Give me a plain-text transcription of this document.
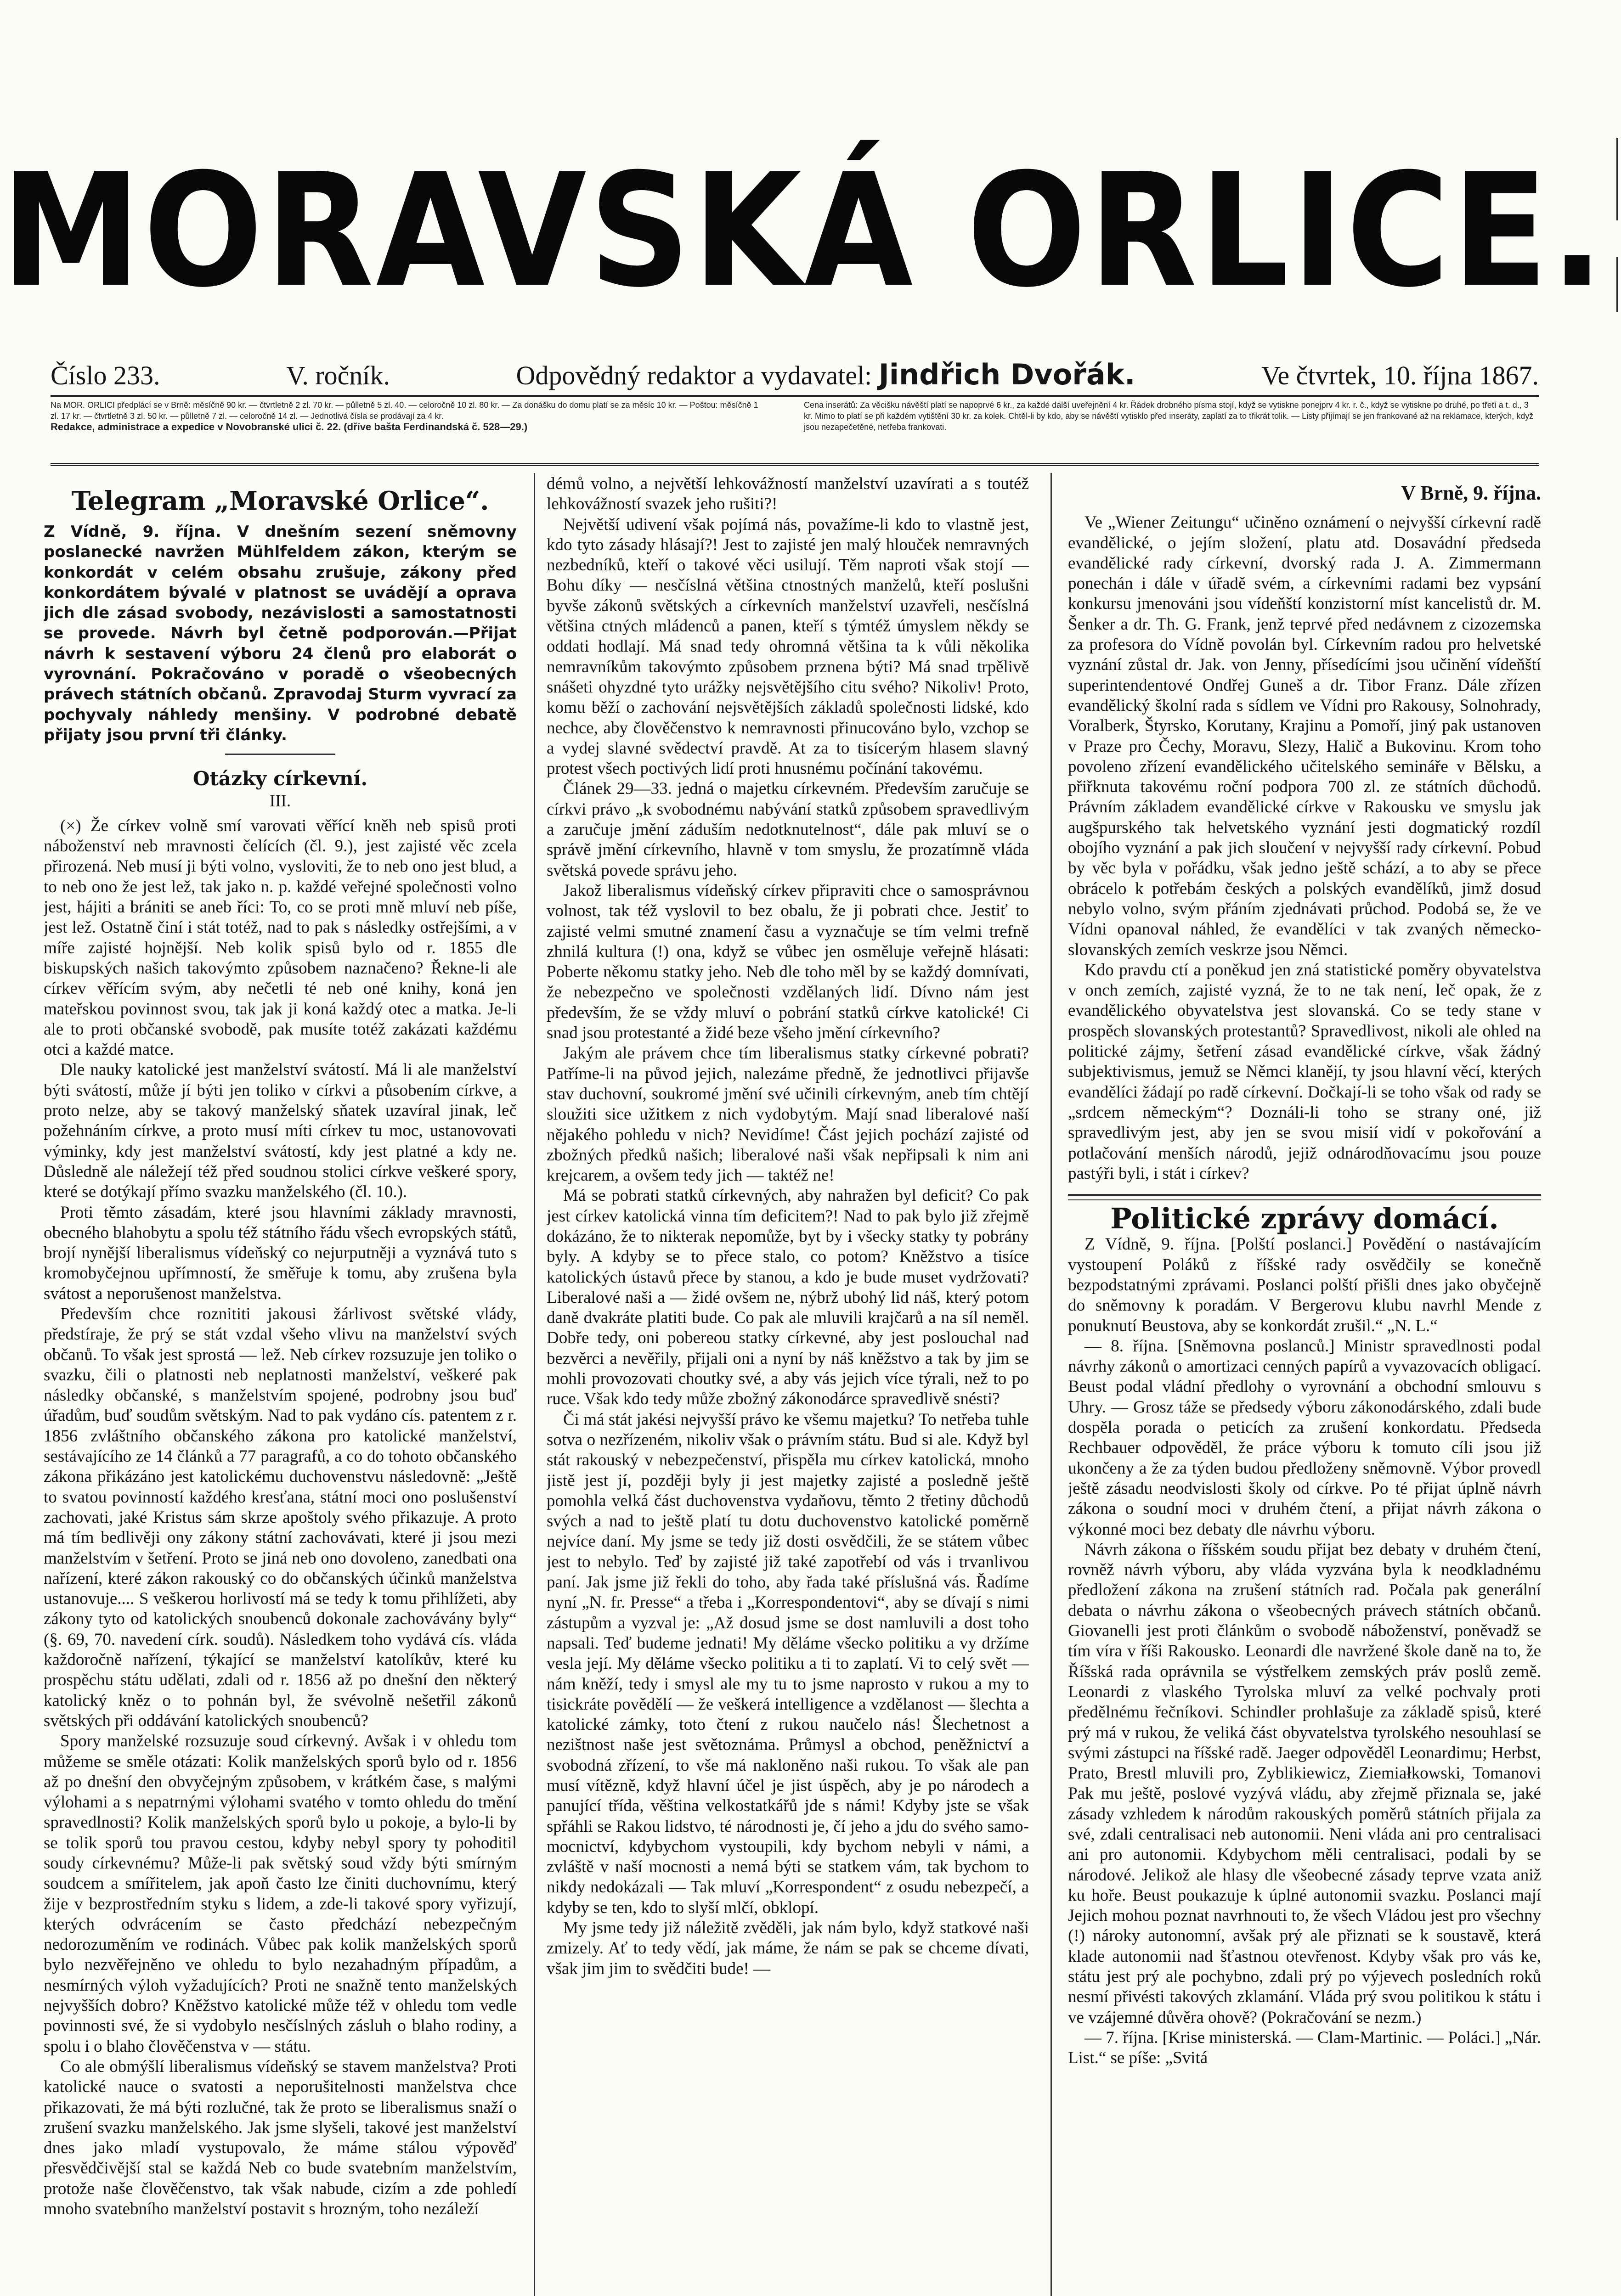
MORAVSKÁ ORLICE.
Číslo 233.	V. ročník.	Odpovědný redaktor a vydavatel: Jindřich Dvořák.	Ve čtvrtek, 10. října 1867.
Na MOR. ORLICI předplácí se v Brně: měsíčně 90 kr. — čtvrtletně 2 zl. 70 kr. — půlletně 5 zl. 40. — celoročně 10 zl. 80 kr. — Za donášku do domu platí se za měsíc 10 kr. — Poštou: měsíčně 1 zl. 17 kr. — čtvrtletně 3 zl. 50 kr. — půlletně 7 zl. — celoročně 14 zl. — Jednotlivá čísla se prodávají za 4 kr.
Redakce, administrace a expedice v Novobranské ulici č. 22. (dříve bašta Ferdinandská č. 528—29.)
Cena inserátů: Za věcišku návěští platí se napoprvé 6 kr., za každé další uveřejnění 4 kr. Řádek drobného písma stojí, když se vytiskne ponejprv 4 kr. r. č., když se vytiskne po druhé, po třetí a t. d., 3 kr. Mimo to platí se při každém vytištění 30 kr. za kolek. Chtěl-li by kdo, aby se návěští vytisklo před inseráty, zaplatí za to třikrát tolik. — Listy přijímají se jen frankované až na reklamace, kterých, když jsou nezapečetěné, netřeba frankovati.
Telegram „Moravské Orlice“.

Z Vídně, 9. října. V dnešním sezení sněmovny poslanecké navržen Mühlfeldem zákon, kterým se konkordát v celém obsahu zrušuje, zákony před konkordátem bývalé v platnost se uvádějí a oprava jich dle zásad svobody, nezávislosti a samostatnosti se provede. Návrh byl četně podporován.—Přijat návrh k sestavení výboru 24 členů pro elaborát o vyrovnání. Pokračováno v poradě o všeobecných právech státních občanů. Zpravodaj Sturm vyvrací za pochyvaly náhledy menšiny. V podrobné debatě přijaty jsou první tři články.

Otázky církevní.
III.

(×) Že církev volně smí varovati věřící kněh neb spisů proti náboženství neb mravnosti čelících (čl. 9.), jest zajisté věc zcela přirozená. Neb musí ji býti volno, vysloviti, že to neb ono jest blud, a to neb ono že jest lež, tak jako n. p. každé veřejné společnosti volno jest, hájiti a brániti se aneb říci: To, co se proti mně mluví neb píše, jest lež. Ostatně činí i stát totéž, nad to pak s následky ostřejšími, a v míře zajisté hojnější. Neb kolik spisů bylo od r. 1855 dle biskupských našich takovýmto způsobem naznačeno? Řekne-li ale církev věřícím svým, aby nečetli té neb oné knihy, koná jen mateřskou povinnost svou, tak jak ji koná každý otec a matka. Je-li ale to proti občanské svobodě, pak musíte totéž zakázati každému otci a každé matce.

Dle nauky katolické jest manželství svátostí. Má li ale manželství býti svátostí, může jí býti jen toliko v církvi a působením církve, a proto nelze, aby se takový manželský sňatek uzavíral jinak, leč požehnáním církve, a proto musí míti církev tu moc, ustanovovati výminky, kdy jest manželství svátostí, kdy jest platné a kdy ne. Důsledně ale náležejí též před soudnou stolici církve veškeré spory, které se dotýkají přímo svazku manželského (čl. 10.).

Proti těmto zásadám, které jsou hlavními základy mravnosti, obecného blahobytu a spolu též státního řádu všech evropských států, brojí nynější liberalismus vídeňský co nejurputněji a vyznává tuto s kromobyčejnou upřímností, že směřuje k tomu, aby zrušena byla svátost a neporušenost manželstva.

Především chce roznititi jakousi žárlivost světské vlády, předstíraje, že prý se stát vzdal všeho vlivu na manželství svých občanů. To však jest sprostá — lež. Neb církev rozsuzuje jen toliko o svazku, čili o platnosti neb neplatnosti manželství, veškeré pak následky občanské, s manželstvím spojené, podrobny jsou buď úřadům, buď soudům světským. Nad to pak vydáno cís. patentem z r. 1856 zvláštního občanského zákona pro katolické manželství, sestávajícího ze 14 článků a 77 paragrafů, a co do tohoto občanského zákona přikázáno jest katolickému duchovenstvu následovně: „Ještě to svatou povinností každého kresťana, státní moci ono poslušenství zachovati, jaké Kristus sám skrze apoštoly svého přikazuje. A proto má tím bedlivěji ony zákony státní zachovávati, které ji jsou mezi manželstvím v šetření. Proto se jiná neb ono dovoleno, zanedbati ona nařízení, které zákon rakouský co do občanských účinků manželstva ustanovuje.... S veškerou horlivostí má se tedy k tomu přihlížeti, aby zákony tyto od katolických snoubenců dokonale zachovávány byly“ (§. 69, 70. navedení círk. soudů). Následkem toho vydává cís. vláda každoročně nařízení, týkající se manželství katolíkův, které ku prospěchu státu udělati, zdali od r. 1856 až po dnešní den některý katolický kněz o to pohnán byl, že svévolně nešetřil zákonů světských při oddávání katolických snoubenců?

Spory manželské rozsuzuje soud církevný. Avšak i v ohledu tom můžeme se směle otázati: Kolik manželských sporů bylo od r. 1856 až po dnešní den obvyčejným způsobem, v krátkém čase, s malými výlohami a s nepatrnými výlohami svatého v tomto ohledu do tmění spravedlnosti? Kolik manželských sporů bylo u pokoje, a bylo-li by se tolik sporů tou pravou cestou, kdyby nebyl spory ty pohoditil soudy církevnému? Může-li pak světský soud vždy býti smírným soudcem a smířitelem, jak apoň často lze činiti duchovnímu, který žije v bezprostředním styku s lidem, a zde-li takové spory vyřizují, kterých odvrácením se často předchází nebezpečným nedorozuměním ve rodinách. Vůbec pak kolik manželských sporů bylo nezvěřejněno ve ohledu to bylo nezahadným případům, a nesmírných výloh vyžadujících? Proti ne snažně tento manželských nejvyšších dobro? Kněžstvo katolické může též v ohledu tom vedle povinnosti své, že si vydobylo nesčíslných zásluh o blaho rodiny, a spolu i o blaho člověčenstva v — státu.

Co ale obmýšlí liberalismus vídeňský se stavem manželstva? Proti katolické nauce o svatosti a neporušitelnosti manželstva chce přikazovati, že má býti rozlučné, tak že proto se liberalismus snaží o zrušení svazku manželského. Jak jsme slyšeli, takové jest manželství dnes jako mladí vystupovalo, že máme stálou výpověď přesvědčivější stal se každá Neb co bude svatebním manželstvím, protože naše člověčenstvo, tak však nabude, cizím a zde pohledí mnoho svatebního manželství postavit s hrozným, toho nezáleží

démů volno, a největší lehkovážností manželství uzavírati a s toutéž lehkovážností svazek jeho rušiti?!

Největší udivení však pojímá nás, považíme-li kdo to vlastně jest, kdo tyto zásady hlásají?! Jest to zajisté jen malý hlouček nemravných nezbedníků, kteří o takové věci usilují. Těm naproti však stojí — Bohu díky — nesčíslná většina ctnostných manželů, kteří poslušni byvše zákonů světských a církevních manželství uzavřeli, nesčíslná většina ctných mládenců a panen, kteří s týmtéž úmyslem někdy se oddati hodlají. Má snad tedy ohromná většina ta k vůli několika nemravníkům takovýmto způsobem prznena býti? Má snad trpělivě snášeti ohyzdné tyto urážky nejsvětějšího citu svého? Nikoliv! Proto, komu běží o zachování nejsvětějších základů společnosti lidské, kdo nechce, aby člověčenstvo k nemravnosti přinucováno bylo, vzchop se a vydej slavné svědectví pravdě. At za to tisícerým hlasem slavný protest všech poctivých lidí proti hnusnému počínání takovému.

Článek 29—33. jedná o majetku církevném. Především zaručuje se církvi právo „k svobodnému nabývání statků způsobem spravedlivým a zaručuje jmění záduším nedotknutelnost“, dále pak mluví se o správě jmění církevního, hlavně v tom smyslu, že prozatímně vláda světská povede správu jeho.

Jakož liberalismus vídeňský církev připraviti chce o samosprávnou volnost, tak též vyslovil to bez obalu, že ji pobrati chce. Jestiť to zajisté velmi smutné znamení času a vyznačuje se tím velmi trefně zhnilá kultura (!) ona, když se vůbec jen osměluje veřejně hlásati: Poberte někomu statky jeho. Neb dle toho měl by se každý domnívati, že nebezpečno ve společnosti vzdělaných lidí. Dívno nám jest především, že se vždy mluví o pobrání statků církve katolické! Ci snad jsou protestanté a židé beze všeho jmění církevního?

Jakým ale právem chce tím liberalismus statky církevné pobrati? Patříme-li na původ jejich, nalezáme předně, že jednotlivci přijavše stav duchovní, soukromé jmění své učinili církevným, aneb tím chtějí sloužiti sice užitkem z nich vydobytým. Mají snad liberalové naší nějakého pohledu v nich? Nevidíme! Část jejich pochází zajisté od zbožných předků našich; liberalové naši však nepřipsali k nim ani krejcarem, a ovšem tedy jich — taktéž ne!

Má se pobrati statků církevných, aby nahražen byl deficit? Co pak jest církev katolická vinna tím deficitem?! Nad to pak bylo již zřejmě dokázáno, že to nikterak nepomůže, byt by i všecky statky ty pobrány byly. A kdyby se to přece stalo, co potom? Kněžstvo a tisíce katolických ústavů přece by stanou, a kdo je bude muset vydržovati? Liberalové naši a — židé ovšem ne, nýbrž ubohý lid náš, který potom daně dvakráte platiti bude. Co pak ale mluvili krajčarů a na síl neměl. Dobře tedy, oni pobereou statky církevné, aby jest poslouchal nad bezvěrci a nevěřily, přijali oni a nyní by náš kněžstvo a tak by jim se mohli provozovati choutky své, a aby vás jejich více týrali, než to po ruce. Však kdo tedy může zbožný zákonodárce spravedlivě snésti?

Či má stát jakési nejvyšší právo ke všemu majetku? To netřeba tuhle sotva o nezřízeném, nikoliv však o právním státu. Bud si ale. Když byl stát rakouský v nebezpečenství, přispěla mu církev katolická, mnoho jistě jest jí, později byly ji jest majetky zajisté a posledně ještě pomohla velká část duchovenstva vydaňovu, těmto 2 třetiny důchodů svých a nad to ještě platí tu dotu duchovenstvo katolické poměrně nejvíce daní. My jsme se tedy již dosti osvědčili, že se státem vůbec jest to nebylo. Teď by zajisté již také zapotřebí od vás i trvanlivou paní. Jak jsme již řekli do toho, aby řada také příslušná vás. Řadíme nyní „N. fr. Presse“ a třeba i „Korrespondentovi“, aby se dívají s nimi zástupům a vyzval je: „Až dosud jsme se dost namluvili a dost toho napsali. Teď budeme jednati! My děláme všecko politiku a vy držíme vesla její. My děláme všecko politiku a ti to zaplatí. Vi to celý svět — nám kněží, tedy i smysl ale my tu to jsme naprosto v rukou a my to tisickráte povědělí — že veškerá intelligence a vzdělanost — šlechta a katolické zámky, toto čtení z rukou naučelo nás! Šlechetnost a nezištnost naše jest světoznáma. Průmysl a obchod, peněžnictví a svobodná zřízení, to vše má nakloněno naši rukou. To však ale pan musí vítězně, když hlavní účel je jist úspěch, aby je po národech a panující třída, věština velkostatkářů jde s námi! Kdyby jste se však spřáhli se Rakou lidstvo, té národnosti je, čí jeho a jdu do svého samo-mocnictví, kdybychom vystoupili, kdy bychom nebyli v námi, a zvláště v naší mocnosti a nemá býti se statkem vám, tak bychom to nikdy nedokázali — Tak mluví „Korrespondent“ z osudu nebezpečí, a kdyby se ten, kdo to slyší mlčí, obklopí.

My jsme tedy již náležitě zvěděli, jak nám bylo, když statkové naši zmizely. Ať to tedy vědí, jak máme, že nám se pak se chceme dívati, však jim jim to svědčiti bude! —

V Brně, 9. října.

Ve „Wiener Zeitungu“ učiněno oznámení o nejvyšší církevní radě evandělické, o jejím složení, platu atd. Dosavádní předseda evandělické rady církevní, dvorský rada J. A. Zimmermann ponechán i dále v úřadě svém, a církevními radami bez vypsání konkursu jmenováni jsou vídeňští konzistorní míst kancelistů dr. M. Šenker a dr. Th. G. Frank, jenž teprvé před nedávnem z cizozemska za profesora do Vídně povolán byl. Církevním radou pro helvetské vyznání zůstal dr. Jak. von Jenny, přísedícími jsou učinění vídeňští superintendentové Ondřej Guneš a dr. Tibor Franz. Dále zřízen evandělický školní rada s sídlem ve Vídni pro Rakousy, Solnohrady, Voralberk, Štyrsko, Korutany, Krajinu a Pomoří, jiný pak ustanoven v Praze pro Čechy, Moravu, Slezy, Halič a Bukovinu. Krom toho povoleno zřízení evandělického učitelského semináře v Bělsku, a přiřknuta takovému roční podpora 700 zl. ze státních důchodů. Právním základem evandělické církve v Rakousku ve smyslu jak augšpurského tak helvetského vyznání jesti dogmatický rozdíl obojího vyznání a pak jich sloučení v nejvyšší rady církevní. Pobud by věc byla v pořádku, však jedno ještě schází, a to aby se přece obrácelo k potřebám českých a polských evandělíků, jimž dosud nebylo volno, svým přáním zjednávati průchod. Podobá se, že ve Vídni opanoval náhled, že evandělíci v tak zvaných německo-slovanských zemích veskrze jsou Němci.

Kdo pravdu ctí a poněkud jen zná statistické poměry obyvatelstva v onch zemích, zajisté vyzná, že to ne tak není, leč opak, že z evandělického obyvatelstva jest slovanská. Co se tedy stane v prospěch slovanských protestantů? Spravedlivost, nikoli ale ohled na politické zájmy, šetření zásad evandělické církve, však žádný subjektivismus, jemuž se Němci klanějí, ty jsou hlavní věcí, kterých evandělíci žádají po radě církevní. Dočkají-li se toho však od rady se „srdcem německým“? Doználi-li toho se strany oné, již spravedlivým jest, aby jen se svou misií vidí v pokořování a potlačování menších národů, jejiž odnárodňovacímu jsou pouze pastýři byli, i stát i církev?

Politické zprávy domácí.

Z Vídně, 9. října. [Polští poslanci.] Povědění o nastávajícím vystoupení Poláků z říšské rady osvědčily se konečně bezpodstatnými zprávami. Poslanci polští přišli dnes jako obyčejně do sněmovny k poradám. V Bergerovu klubu navrhl Mende z ponuknutí Beustova, aby se konkordát zrušil.“ „N. L.“

— 8. října. [Sněmovna poslanců.] Ministr spravedlnosti podal návrhy zákonů o amortizaci cenných papírů a vyvazovacích obligací. Beust podal vládní předlohy o vyrovnání a obchodní smlouvu s Uhry. — Grosz táže se předsedy výboru zákonodárského, zdali bude dospěla porada o peticích za zrušení konkordatu. Předseda Rechbauer odpověděl, že práce výboru k tomuto cíli jsou již ukončeny a že za týden budou předloženy sněmovně. Výbor provedl ještě zásadu neodvislosti školy od církve. Po té přijat úplně návrh zákona o soudní moci v druhém čtení, a přijat návrh zákona o výkonné moci bez debaty dle návrhu výboru.

Návrh zákona o říšském soudu přijat bez debaty v druhém čtení, rovněž návrh výboru, aby vláda vyzvána byla k neodkladnému předložení zákona na zrušení státních rad. Počala pak generální debata o návrhu zákona o všeobecných právech státních občanů. Giovanelli jest proti článkům o svobodě náboženství, poněvadž se tím víra v říši Rakousko. Leonardi dle navržené škole daně na to, že Říšská rada oprávnila se výstřelkem zemských práv poslů země. Leonardi z vlaského Tyrolska mluví za velké pochvaly proti předělnému řečníkovi. Schindler prohlašuje za základě spisů, které prý má v rukou, že veliká část obyvatelstva tyrolského nesouhlasí se svými zástupci na říšské radě. Jaeger odpověděl Leonardimu; Herbst, Prato, Brestl mluvili pro, Zyblikiewicz, Ziemiałkowski, Tomanovi Pak mu ještě, poslové vyzývá vládu, aby zřejmě přiznala se, jaké zásady vzhledem k národům rakouských poměrů státních přijala za své, zdali centralisaci neb autonomii. Neni vláda ani pro centralisaci ani pro autonomii. Kdybychom měli centralisaci, podali by se národové. Jelikož ale hlasy dle všeobecné zásady teprve vzata aniž ku hoře. Beust poukazuje k úplné autonomii svazku. Poslanci mají Jejich mohou poznat navrhnouti to, že všech Vládou jest pro všechny (!) nároky autonomní, avšak prý ale přiznati se k soustavě, která klade autonomii nad šťastnou otevřenost. Kdyby však pro vás ke, státu jest prý ale pochybno, zdali prý po výjevech posledních roků nesmí přivésti takových zklamání. Vláda prý svou politikou k státu i ve vzájemné důvěra ohově? (Pokračování se nezm.)

— 7. října. [Krise ministerská. — Clam-Martinic. — Poláci.] „Nár. List.“ se píše: „Svitá
